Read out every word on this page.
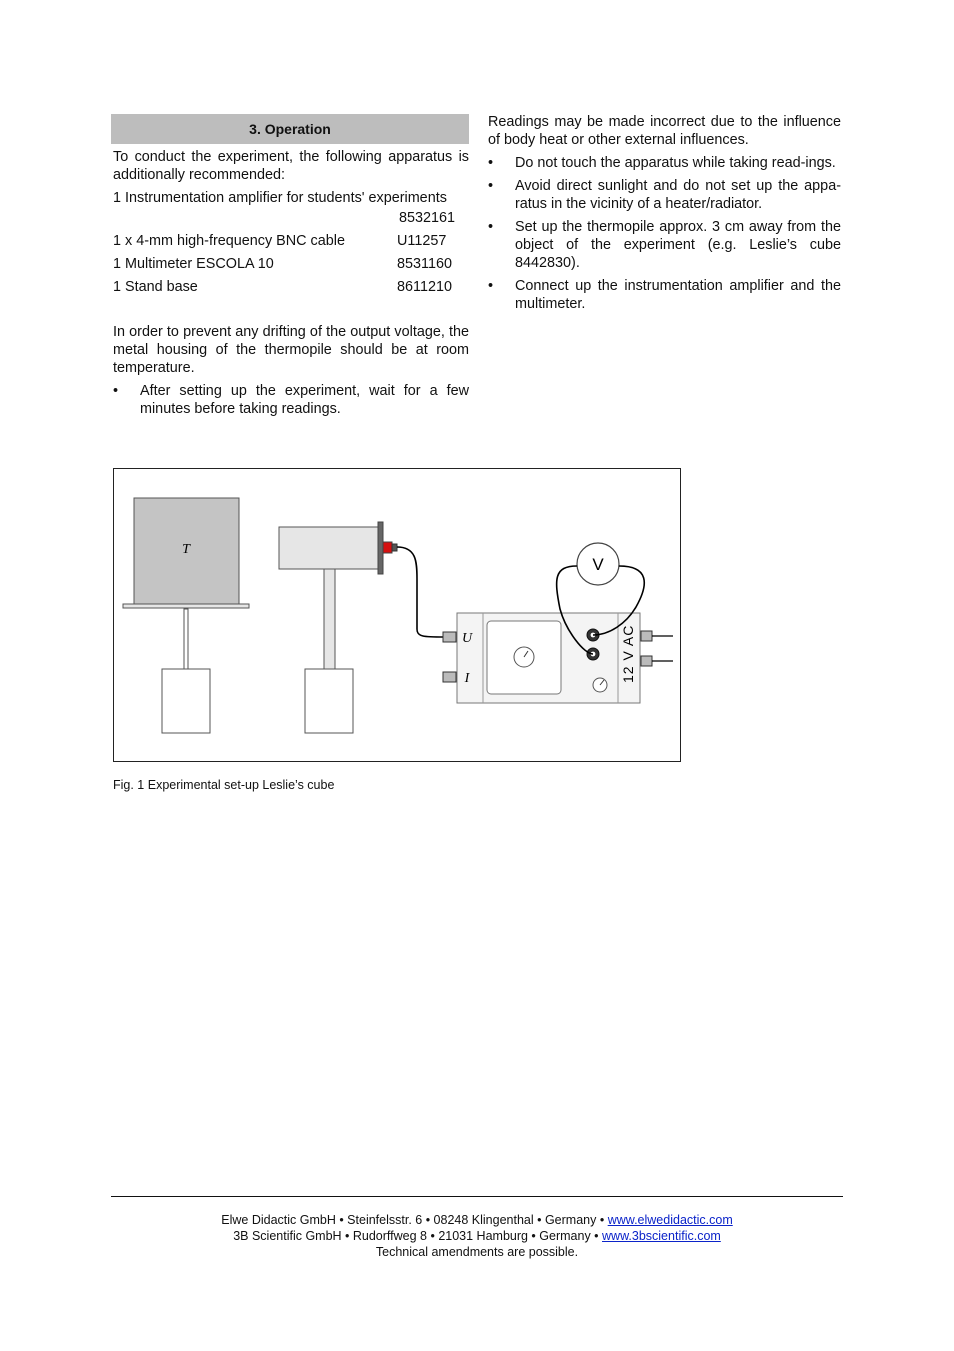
3. Operation

To conduct the experiment, the following apparatus is additionally recommended:

1 Instrumentation amplifier for students' experiments
8532161
1 x 4-mm high-frequency BNC cable	U11257
1 Multimeter ESCOLA 10	8531160
1 Stand base	8611210

In order to prevent any drifting of the output voltage, the metal housing of the thermopile should be at room temperature.

• After setting up the experiment, wait for a few minutes before taking readings.

Readings may be made incorrect due to the influence of body heat or other external influences.

• Do not touch the apparatus while taking read-ings.
• Avoid direct sunlight and do not set up the appa-ratus in the vicinity of a heater/radiator.
• Set up the thermopile approx. 3 cm away from the object of the experiment (e.g. Leslie’s cube 8442830).
• Connect up the instrumentation amplifier and the multimeter.
T
U
I	12 V AC
V
Fig. 1 Experimental set-up Leslie’s cube
Elwe Didactic GmbH • Steinfelsstr. 6 • 08248 Klingenthal • Germany • www.elwedidactic.com
3B Scientific GmbH • Rudorffweg 8 • 21031 Hamburg • Germany • www.3bscientific.com
Technical amendments are possible.
